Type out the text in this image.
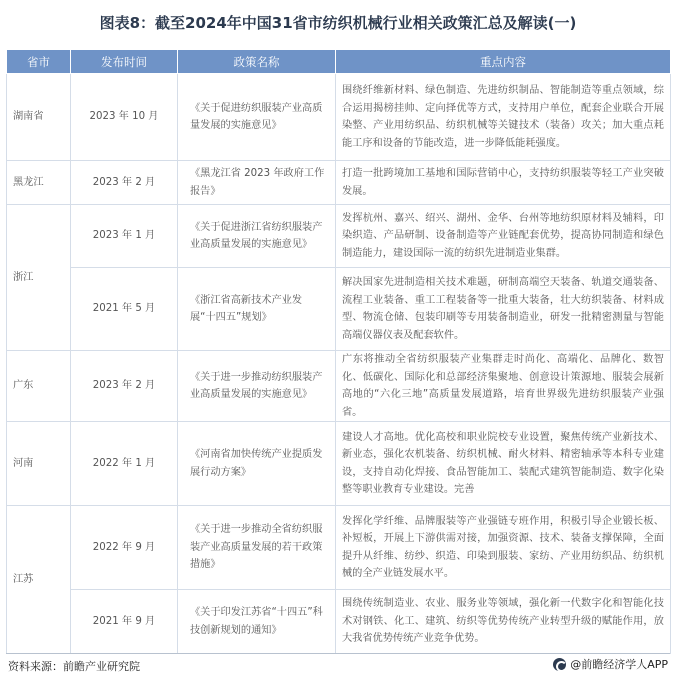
图表8：截至2024年中国31省市纺织机械行业相关政策汇总及解读(一)
省市	发布时间	政策名称	重点内容
湖南省	2023 年 10 月	《关于促进纺织服装产业高质量发展的实施意见》	围绕纤维新材料、绿色制造、先进纺织制品、智能制造等重点领域，综合运用揭榜挂帅、定向择优等方式，支持用户单位，配套企业联合开展染整、产业用纺织品、纺织机械等关键技术（装备）攻关；加大重点耗能工序和设备的节能改造，进一步降低能耗强度。
黑龙江	2023 年 2 月	《黑龙江省 2023 年政府工作报告》	打造一批跨境加工基地和国际营销中心，支持纺织服装等轻工产业突破发展。
浙江	2023 年 1 月	《关于促进浙江省纺织服装产业高质量发展的实施意见》	发挥杭州、嘉兴、绍兴、湖州、金华、台州等地纺织原材料及辅料，印染织造、产品研制、设备制造等产业链配套优势，提高协同制造和绿色制造能力，建设国际一流的纺织先进制造业集群。
	2021 年 5 月	《浙江省高新技术产业发展“十四五”规划》	解决国家先进制造相关技术难题，研制高端空天装备、轨道交通装备、流程工业装备、重工工程装备等一批重大装备，壮大纺织装备、材料成型、物流仓储、包装印刷等专用装备制造业，研发一批精密测量与智能高端仪器仪表及配套软件。
广东	2023 年 2 月	《关于进一步推动纺织服装产业高质量发展的实施意见》	广东将推动全省纺织服装产业集群走时尚化、高端化、品牌化、数智化、低碳化、国际化和总部经济集聚地、创意设计策源地、服装会展新高地的“六化三地”高质量发展道路，培育世界级先进纺织服装产业强省。
河南	2022 年 1 月	《河南省加快传统产业提质发展行动方案》	建设人才高地。优化高校和职业院校专业设置，聚焦传统产业新技术、新业态，强化农机装备、纺织机械、耐火材料、精密轴承等本科专业建设，支持自动化焊接、食品智能加工、装配式建筑智能制造、数字化染整等职业教育专业建设。完善
江苏	2022 年 9 月	《关于进一步推动全省纺织服装产业高质量发展的若干政策措施》	发挥化学纤维、品牌服装等产业强链专班作用，积极引导企业锻长板、补短板，开展上下游供需对接，加强资源、技术、装备支撑保障，全面提升从纤维、纺纱、织造、印染到服装、家纺、产业用纺织品、纺织机械的全产业链发展水平。
	2021 年 9 月	《关于印发江苏省“十四五”科技创新规划的通知》	围绕传统制造业、农业、服务业等领域，强化新一代数字化和智能化技术对钢铁、化工、建筑、纺织等优势传统产业转型升级的赋能作用，放大我省优势传统产业竞争优势。
资料来源：前瞻产业研究院	@前瞻经济学人APP
